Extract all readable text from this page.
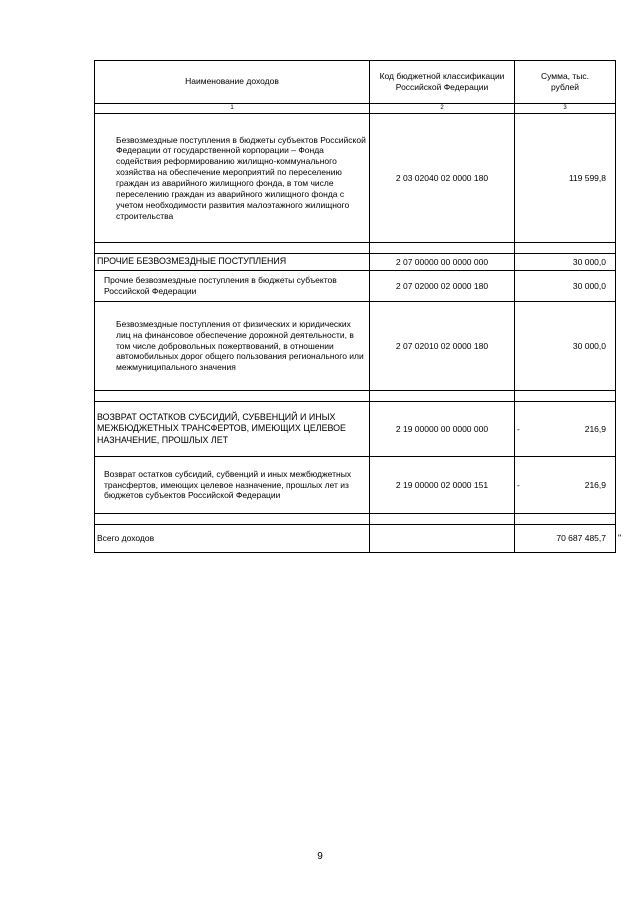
Наименование доходов	Код бюджетной классификации Российской Федерации	Сумма, тыс. рублей
1	2	3
Безвозмездные поступления в бюджеты субъектов Российской Федерации от государственной корпорации – Фонда содействия реформированию жилищно-коммунального хозяйства на обеспечение мероприятий по переселению граждан из аварийного жилищного фонда, в том числе переселению граждан из аварийного жилищного фонда с учетом необходимости развития малоэтажного жилищного строительства	2 03 02040 02 0000 180	119 599,8

ПРОЧИЕ БЕЗВОЗМЕЗДНЫЕ ПОСТУПЛЕНИЯ	2 07 00000 00 0000 000	30 000,0
Прочие безвозмездные поступления в бюджеты субъектов Российской Федерации	2 07 02000 02 0000 180	30 000,0
Безвозмездные поступления от физических и юридических лиц на финансовое обеспечение дорожной деятельности, в том числе добровольных пожертвований, в отношении автомобильных дорог общего пользования регионального или межмуниципального значения	2 07 02010 02 0000 180	30 000,0

ВОЗВРАТ ОСТАТКОВ СУБСИДИЙ, СУБВЕНЦИЙ И ИНЫХ МЕЖБЮДЖЕТНЫХ ТРАНСФЕРТОВ, ИМЕЮЩИХ ЦЕЛЕВОЕ НАЗНАЧЕНИЕ, ПРОШЛЫХ ЛЕТ	2 19 00000 00 0000 000	- 216,9
Возврат остатков субсидий, субвенций и иных межбюджетных трансфертов, имеющих целевое назначение, прошлых лет из бюджетов субъектов Российской Федерации	2 19 00000 02 0000 151	- 216,9

Всего доходов		70 687 485,7 "
9
